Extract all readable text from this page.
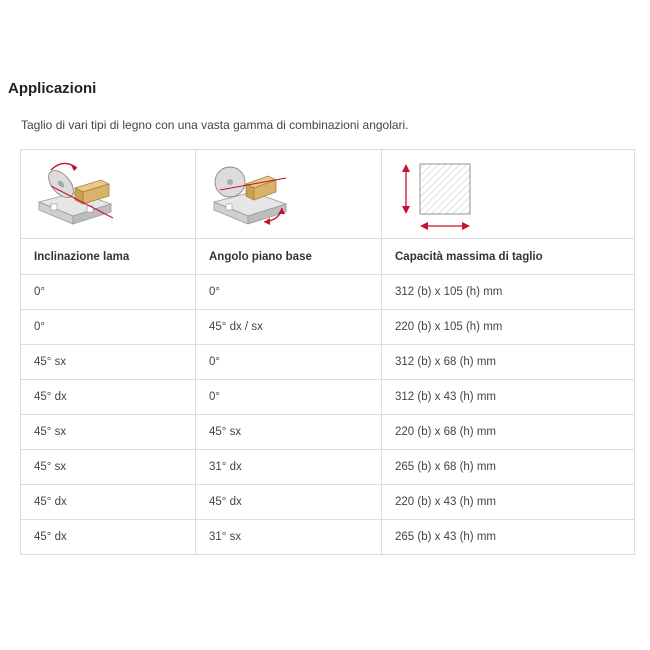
Applicazioni

Taglio di vari tipi di legno con una vasta gamma di combinazioni angolari.

Inclinazione lama	Angolo piano base	Capacità massima di taglio
0°	0°	312 (b) x 105 (h) mm
0°	45° dx / sx	220 (b) x 105 (h) mm
45° sx	0°	312 (b) x 68 (h) mm
45° dx	0°	312 (b) x 43 (h) mm
45° sx	45° sx	220 (b) x 68 (h) mm
45° sx	31° dx	265 (b) x 68 (h) mm
45° dx	45° dx	220 (b) x 43 (h) mm
45° dx	31° sx	265 (b) x 43 (h) mm
